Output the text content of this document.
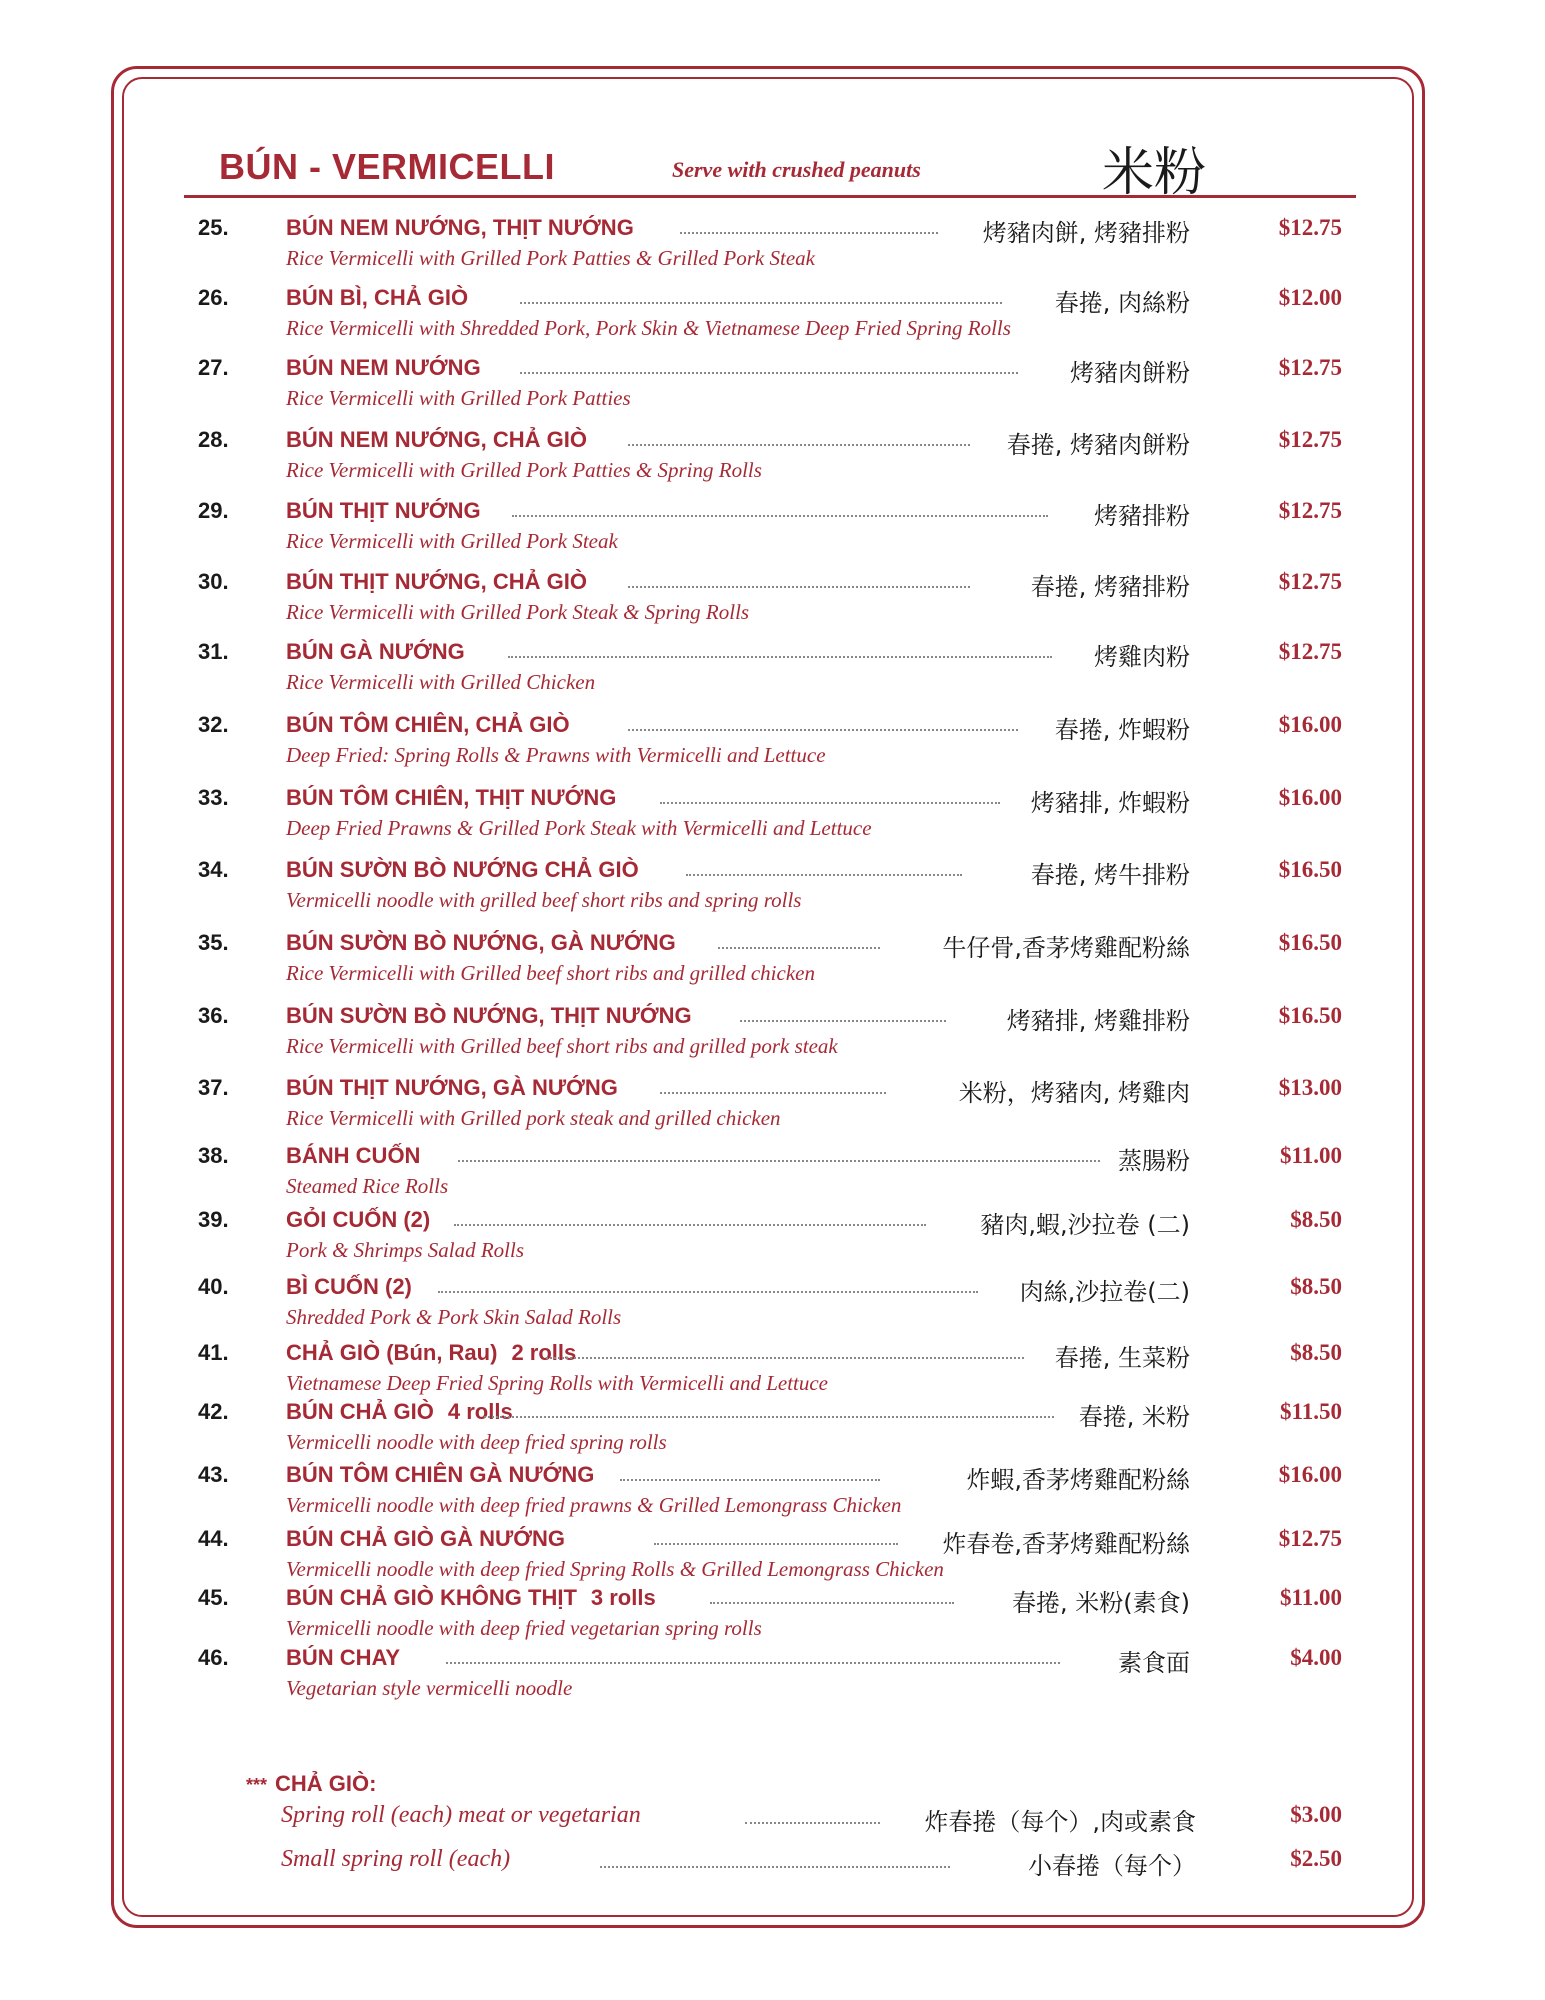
BÚN - VERMICELLI	Serve with crushed peanuts	米粉
25.	BÚN NEM NƯỚNG, THỊT NƯỚNG	烤豬肉餅, 烤豬排粉	$12.75
Rice Vermicelli with Grilled Pork Patties & Grilled Pork Steak
26.	BÚN BÌ, CHẢ GIÒ	春捲, 肉絲粉	$12.00
Rice Vermicelli with Shredded Pork, Pork Skin & Vietnamese Deep Fried Spring Rolls
27.	BÚN NEM NƯỚNG	烤豬肉餅粉	$12.75
Rice Vermicelli with Grilled Pork Patties
28.	BÚN NEM NƯỚNG, CHẢ GIÒ	春捲, 烤豬肉餅粉	$12.75
Rice Vermicelli with Grilled Pork Patties & Spring Rolls
29.	BÚN THỊT NƯỚNG	烤豬排粉	$12.75
Rice Vermicelli with Grilled Pork Steak
30.	BÚN THỊT NƯỚNG, CHẢ GIÒ	春捲, 烤豬排粉	$12.75
Rice Vermicelli with Grilled Pork Steak & Spring Rolls
31.	BÚN GÀ NƯỚNG	烤雞肉粉	$12.75
Rice Vermicelli with Grilled Chicken
32.	BÚN TÔM CHIÊN, CHẢ GIÒ	春捲, 炸蝦粉	$16.00
Deep Fried: Spring Rolls & Prawns with Vermicelli and Lettuce
33.	BÚN TÔM CHIÊN, THỊT NƯỚNG	烤豬排, 炸蝦粉	$16.00
Deep Fried Prawns & Grilled Pork Steak with Vermicelli and Lettuce
34.	BÚN SƯỜN BÒ NƯỚNG CHẢ GIÒ	春捲, 烤牛排粉	$16.50
Vermicelli noodle with grilled beef short ribs and spring rolls
35.	BÚN SƯỜN BÒ NƯỚNG, GÀ NƯỚNG	牛仔骨,香茅烤雞配粉絲	$16.50
Rice Vermicelli with Grilled beef short ribs and grilled chicken
36.	BÚN SƯỜN BÒ NƯỚNG, THỊT NƯỚNG	烤豬排, 烤雞排粉	$16.50
Rice Vermicelli with Grilled beef short ribs and grilled pork steak
37.	BÚN THỊT NƯỚNG, GÀ NƯỚNG	米粉，烤豬肉, 烤雞肉	$13.00
Rice Vermicelli with Grilled pork steak and grilled chicken
38.	BÁNH CUỐN	蒸腸粉	$11.00
Steamed Rice Rolls
39.	GỎI CUỐN (2)	豬肉,蝦,沙拉卷 (二)	$8.50
Pork & Shrimps Salad Rolls
40.	BÌ CUỐN (2)	肉絲,沙拉卷(二)	$8.50
Shredded Pork & Pork Skin Salad Rolls
41.	CHẢ GIÒ (Bún, Rau) 2 rolls	春捲, 生菜粉	$8.50
Vietnamese Deep Fried Spring Rolls with Vermicelli and Lettuce
42.	BÚN CHẢ GIÒ 4 rolls	春捲, 米粉	$11.50
Vermicelli noodle with deep fried spring rolls
43.	BÚN TÔM CHIÊN GÀ NƯỚNG	炸蝦,香茅烤雞配粉絲	$16.00
Vermicelli noodle with deep fried prawns & Grilled Lemongrass Chicken
44.	BÚN CHẢ GIÒ GÀ NƯỚNG	炸春卷,香茅烤雞配粉絲	$12.75
Vermicelli noodle with deep fried Spring Rolls & Grilled Lemongrass Chicken
45.	BÚN CHẢ GIÒ KHÔNG THỊT 3 rolls	春捲, 米粉(素食)	$11.00
Vermicelli noodle with deep fried vegetarian spring rolls
46.	BÚN CHAY	素食面	$4.00
Vegetarian style vermicelli noodle
*** CHẢ GIÒ:
Spring roll (each) meat or vegetarian	炸春捲（每个）,肉或素食	$3.00
Small spring roll (each)	小春捲（每个）	$2.50
